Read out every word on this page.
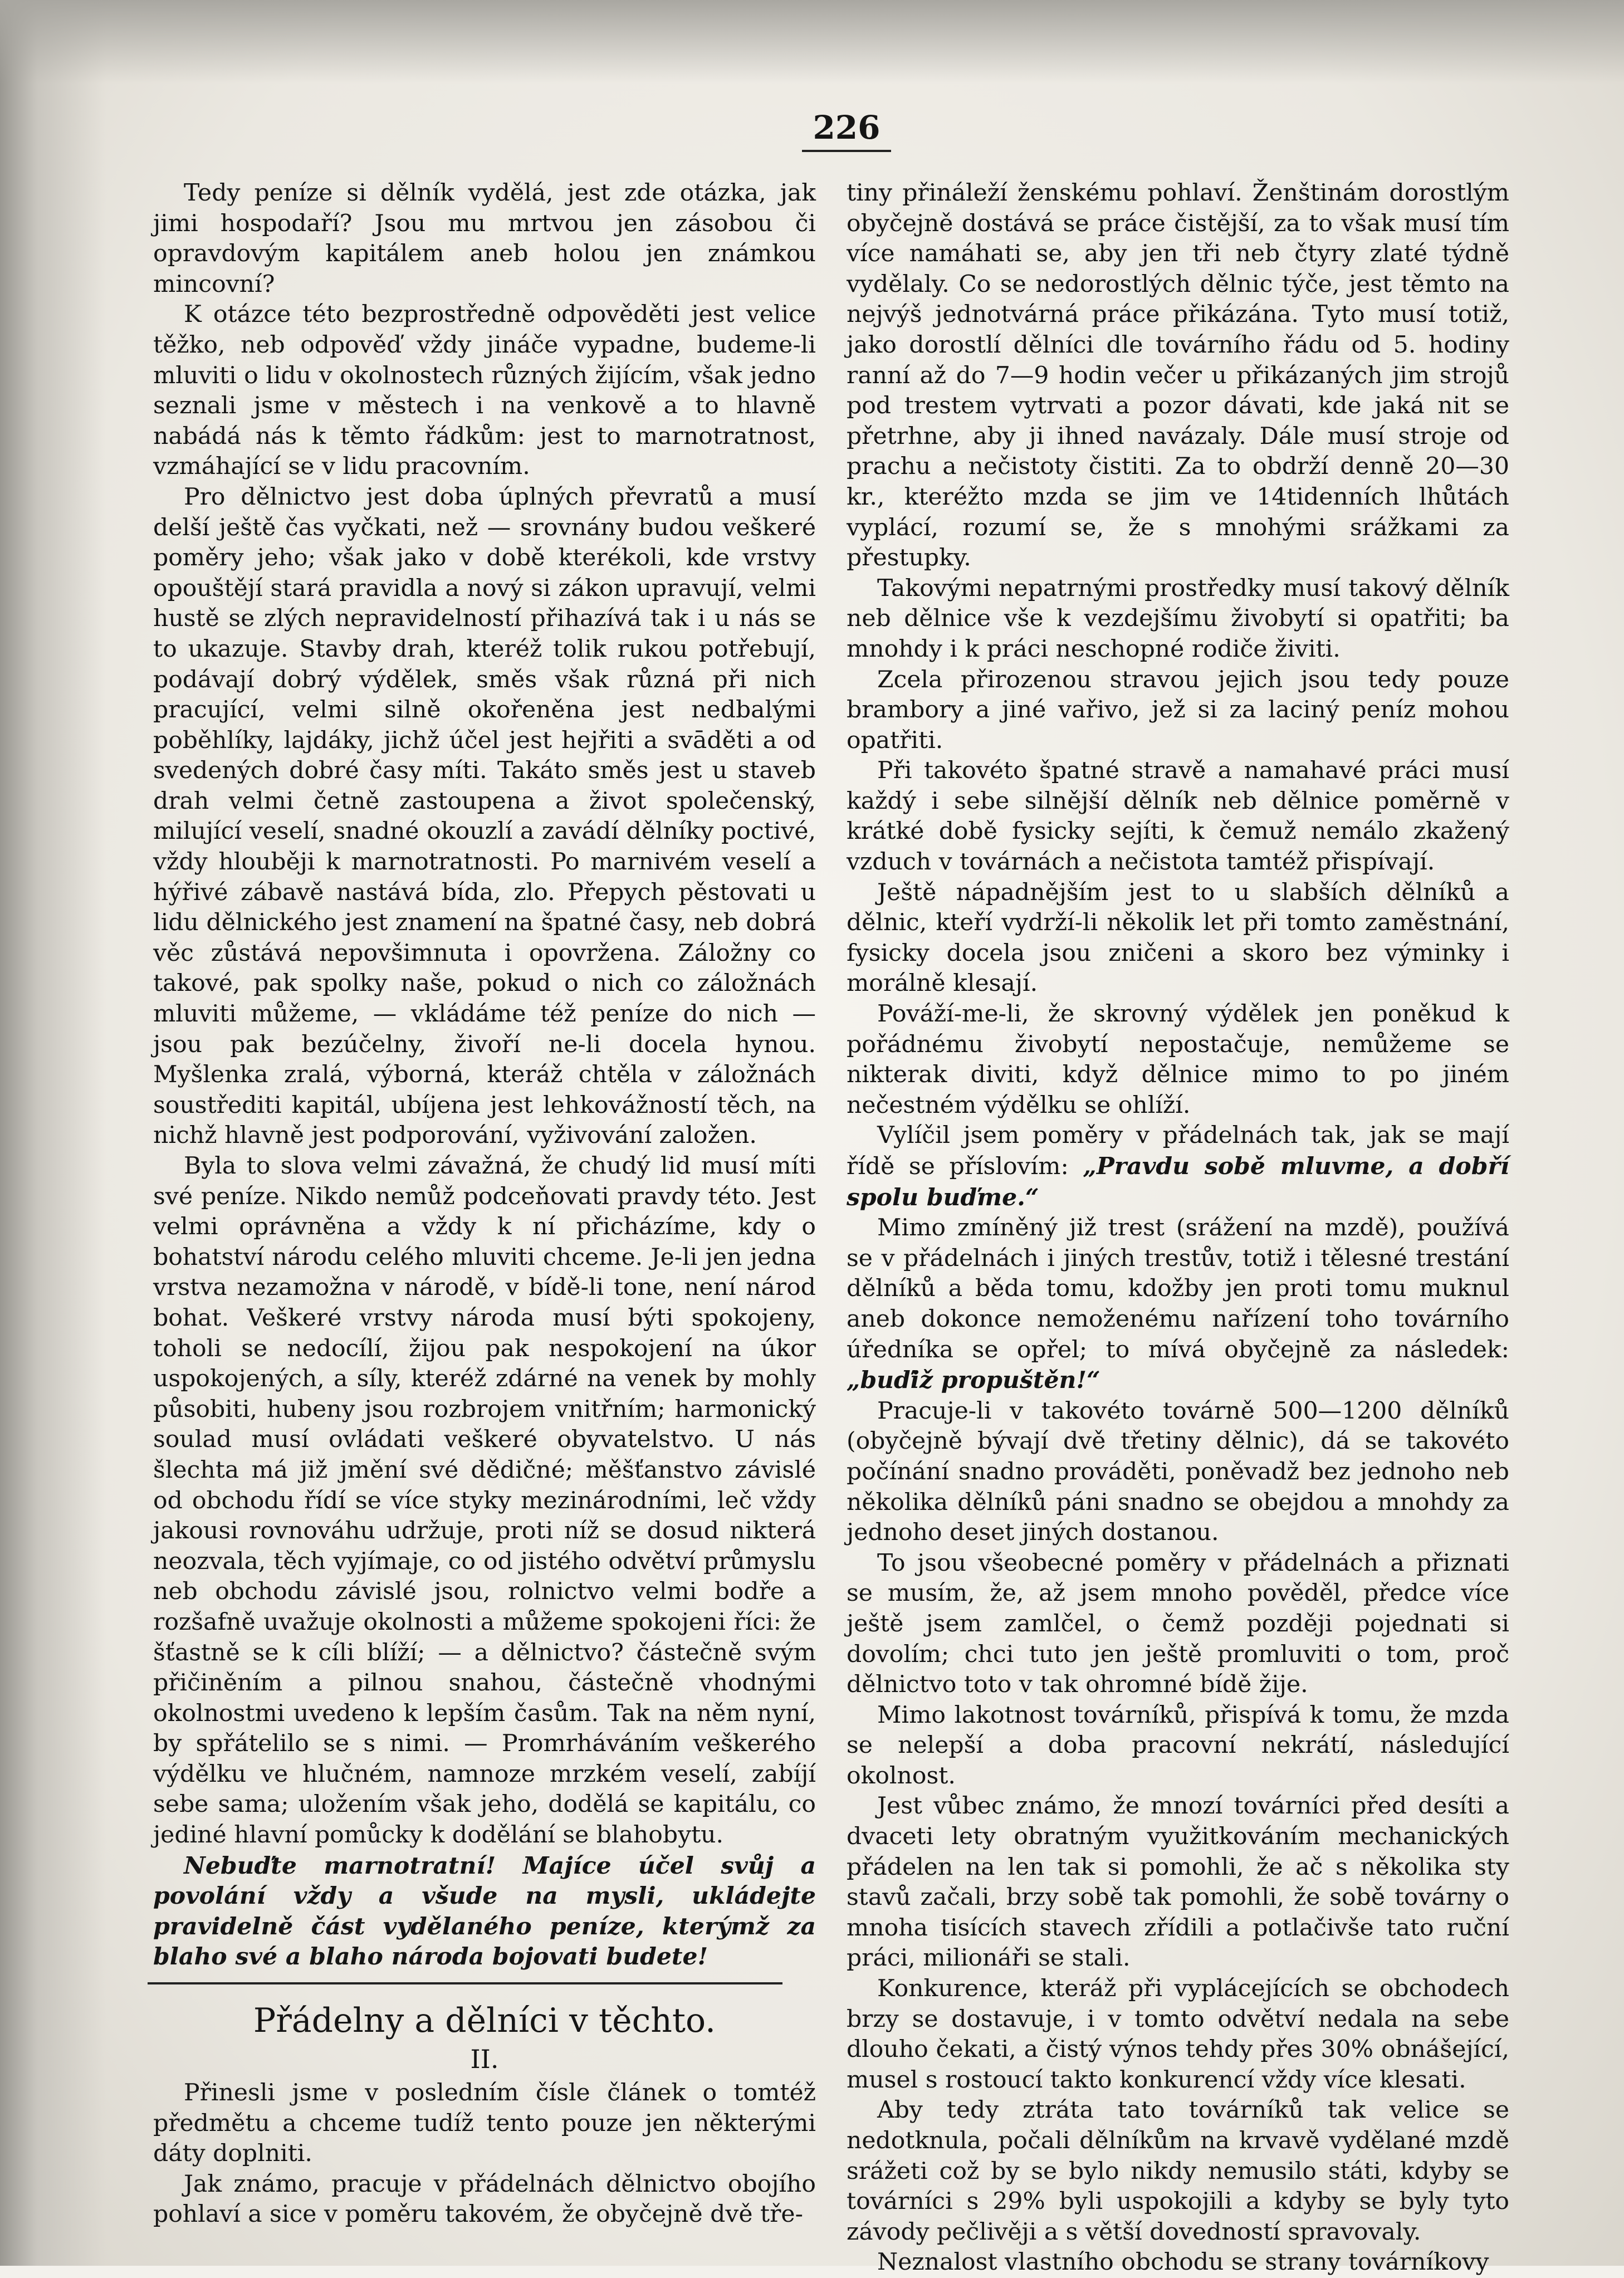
226

Tedy peníze si dělník vydělá, jest zde otázka, jak jimi hospodaří? Jsou mu mrtvou jen zásobou či opravdovým kapitálem aneb holou jen známkou mincovní?

K otázce této bezprostředně odpověděti jest velice těžko, neb odpověď vždy jináče vypadne, budeme-li mluviti o lidu v okolnostech různých žijícím, však jedno seznali jsme v městech i na venkově a to hlavně nabádá nás k těmto řádkům: jest to marnotratnost, vzmáhající se v lidu pracovním.

Pro dělnictvo jest doba úplných převratů a musí delší ještě čas vyčkati, než — srovnány budou veškeré poměry jeho; však jako v době kterékoli, kde vrstvy opouštějí stará pravidla a nový si zákon upravují, velmi hustě se zlých nepravidelností přihazívá tak i u nás se to ukazuje. Stavby drah, kteréž tolik rukou potřebují, podávají dobrý výdělek, směs však různá při nich pracující, velmi silně okořeněna jest nedbalými poběhlíky, lajdáky, jichž účel jest hejřiti a svāděti a od svedených dobré časy míti. Takáto směs jest u staveb drah velmi četně zastoupena a život společenský, milující veselí, snadné okouzlí a zavádí dělníky poctivé, vždy hlouběji k marnotratnosti. Po marnivém veselí a hýřivé zábavě nastává bída, zlo. Přepych pěstovati u lidu dělnického jest znamení na špatné časy, neb dobrá věc zůstává nepovšimnuta i opovržena. Záložny co takové, pak spolky naše, pokud o nich co záložnách mluviti můžeme, — vkládáme též peníze do nich — jsou pak bezúčelny, živoří ne-li docela hynou. Myšlenka zralá, výborná, kteráž chtěla v záložnách soustřediti kapitál, ubíjena jest lehkovážností těch, na nichž hlavně jest podporování, vyživování založen.

Byla to slova velmi závažná, že chudý lid musí míti své peníze. Nikdo nemůž podceňovati pravdy této. Jest velmi oprávněna a vždy k ní přicházíme, kdy o bohatství národu celého mluviti chceme. Je-li jen jedna vrstva nezamožna v národě, v bídě-li tone, není národ bohat. Veškeré vrstvy národa musí býti spokojeny, toholi se nedocílí, žijou pak nespokojení na úkor uspokojených, a síly, kteréž zdárné na venek by mohly působiti, hubeny jsou rozbrojem vnitřním; harmonický soulad musí ovládati veškeré obyvatelstvo. U nás šlechta má již jmění své dědičné; měšťanstvo závislé od obchodu řídí se více styky mezinárodními, leč vždy jakousi rovnováhu udržuje, proti níž se dosud nikterá neozvala, těch vyjímaje, co od jistého odvětví průmyslu neb obchodu závislé jsou, rolnictvo velmi bodře a rozšafně uvažuje okolnosti a můžeme spokojeni říci: že šťastně se k cíli blíží; — a dělnictvo? částečně svým přičiněním a pilnou snahou, částečně vhodnými okolnostmi uvedeno k lepším časům. Tak na něm nyní, by spřátelilo se s nimi. — Promrháváním veškerého výdělku ve hlučném, namnoze mrzkém veselí, zabíjí sebe sama; uložením však jeho, dodělá se kapitálu, co jediné hlavní pomůcky k dodělání se blahobytu.

Nebuďte marnotratní! Majíce účel svůj a povolání vždy a všude na mysli, ukládejte pravidelně část vydělaného peníze, kterýmž za blaho své a blaho národa bojovati budete!

Přádelny a dělníci v těchto.
II.

Přinesli jsme v posledním čísle článek o tomtéž předmětu a chceme tudíž tento pouze jen některými dáty doplniti.

Jak známo, pracuje v přádelnách dělnictvo obojího pohlaví a sice v poměru takovém, že obyčejně dvě tře-

tiny přináleží ženskému pohlaví. Ženštinám dorostlým obyčejně dostává se práce čistější, za to však musí tím více namáhati se, aby jen tři neb čtyry zlaté týdně vydělaly. Co se nedorostlých dělnic týče, jest těmto na nejvýš jednotvárná práce přikázána. Tyto musí totiž, jako dorostlí dělníci dle továrního řádu od 5. hodiny ranní až do 7—9 hodin večer u přikázaných jim strojů pod trestem vytrvati a pozor dávati, kde jaká nit se přetrhne, aby ji ihned navázaly. Dále musí stroje od prachu a nečistoty čistiti. Za to obdrží denně 20—30 kr., kteréžto mzda se jim ve 14tidenních lhůtách vyplácí, rozumí se, že s mnohými srážkami za přestupky.

Takovými nepatrnými prostředky musí takový dělník neb dělnice vše k vezdejšímu živobytí si opatřiti; ba mnohdy i k práci neschopné rodiče živiti.

Zcela přirozenou stravou jejich jsou tedy pouze brambory a jiné vařivo, jež si za laciný peníz mohou opatřiti.

Při takovéto špatné stravě a namahavé práci musí každý i sebe silnější dělník neb dělnice poměrně v krátké době fysicky sejíti, k čemuž nemálo zkažený vzduch v továrnách a nečistota tamtéž přispívají.

Ještě nápadnějším jest to u slabších dělníků a dělnic, kteří vydrží-li několik let při tomto zaměstnání, fysicky docela jsou zničeni a skoro bez výminky i morálně klesají.

Pováží-me-li, že skrovný výdělek jen poněkud k pořádnému živobytí nepostačuje, nemůžeme se nikterak diviti, když dělnice mimo to po jiném nečestném výdělku se ohlíží.

Vylíčil jsem poměry v přádelnách tak, jak se mají řídě se příslovím: „Pravdu sobě mluvme, a dobří spolu buďme.“

Mimo zmíněný již trest (srážení na mzdě), používá se v přádelnách i jiných trestův, totiž i tělesné trestání dělníků a běda tomu, kdožby jen proti tomu muknul aneb dokonce nemoženému nařízení toho továrního úředníka se opřel; to mívá obyčejně za následek: „buďiž propuštěn!“

Pracuje-li v takovéto továrně 500—1200 dělníků (obyčejně bývají dvě třetiny dělnic), dá se takovéto počínání snadno prováděti, poněvadž bez jednoho neb několika dělníků páni snadno se obejdou a mnohdy za jednoho deset jiných dostanou.

To jsou všeobecné poměry v přádelnách a přiznati se musím, že, až jsem mnoho pověděl, předce více ještě jsem zamlčel, o čemž později pojednati si dovolím; chci tuto jen ještě promluviti o tom, proč dělnictvo toto v tak ohromné bídě žije.

Mimo lakotnost továrníků, přispívá k tomu, že mzda se nelepší a doba pracovní nekrátí, následující okolnost.

Jest vůbec známo, že mnozí továrníci před desíti a dvaceti lety obratným využitkováním mechanických přádelen na len tak si pomohli, že ač s několika sty stavů začali, brzy sobě tak pomohli, že sobě továrny o mnoha tisících stavech zřídili a potlačivše tato ruční práci, milionáři se stali.

Konkurence, kteráž při vyplácejících se obchodech brzy se dostavuje, i v tomto odvětví nedala na sebe dlouho čekati, a čistý výnos tehdy přes 30% obnášející, musel s rostoucí takto konkurencí vždy více klesati.

Aby tedy ztráta tato továrníků tak velice se nedotknula, počali dělníkům na krvavě vydělané mzdě srážeti což by se bylo nikdy nemusilo státi, kdyby se továrníci s 29% byli uspokojili a kdyby se byly tyto závody pečlivěji a s větší dovedností spravovaly.

Neznalost vlastního obchodu se strany továrníkovy
